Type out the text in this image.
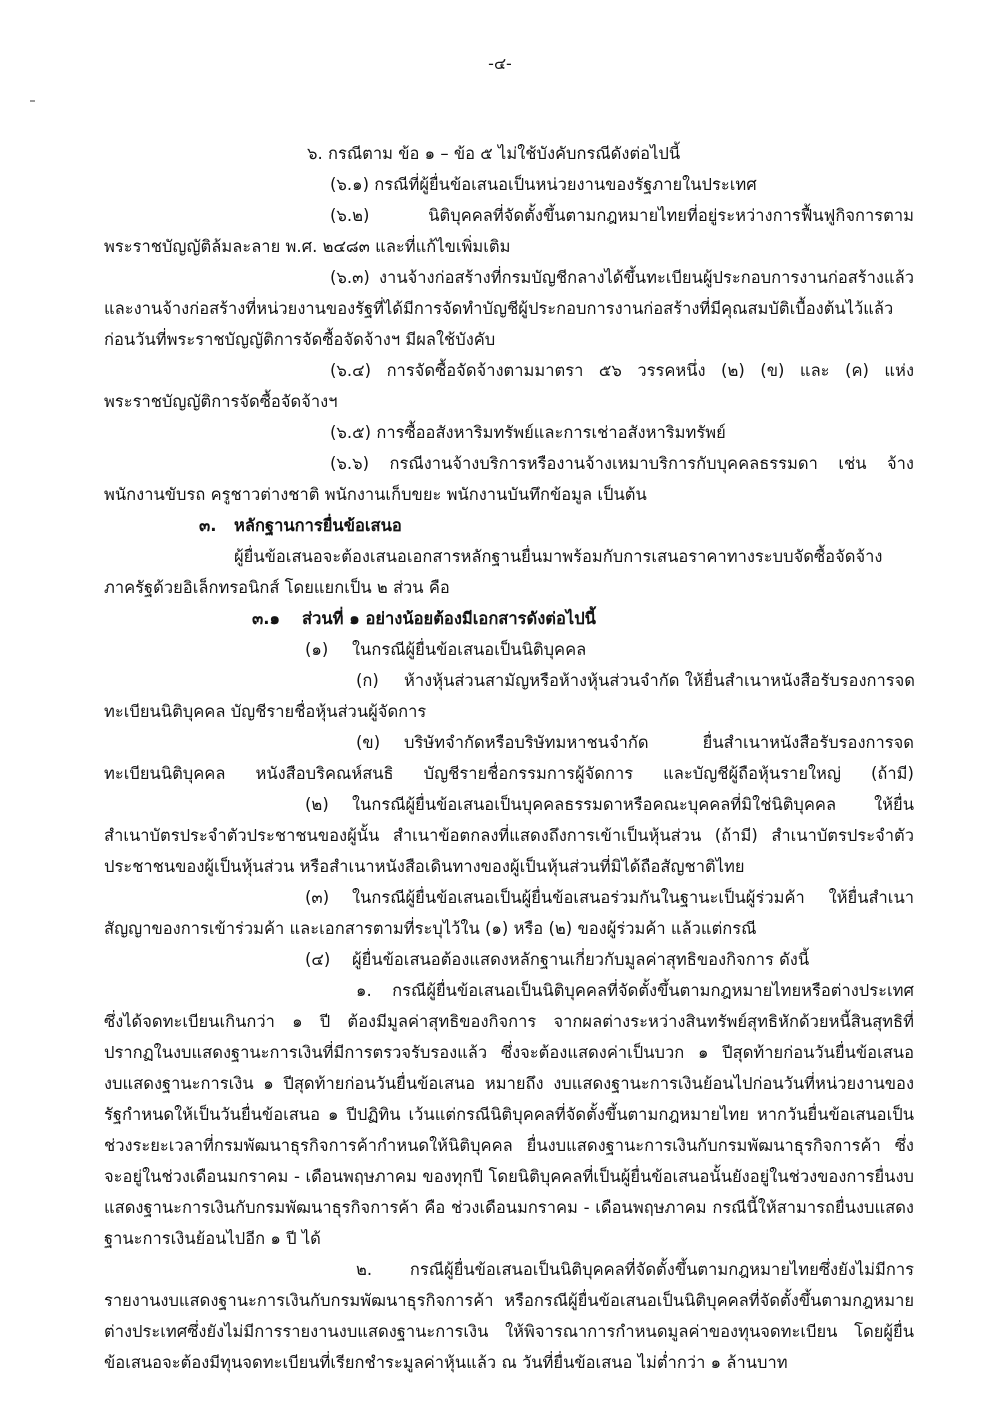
-๔-
๖. กรณีตาม ข้อ ๑ – ข้อ ๕ ไม่ใช้บังคับกรณีดังต่อไปนี้
(๖.๑) กรณีที่ผู้ยื่นข้อเสนอเป็นหน่วยงานของรัฐภายในประเทศ
(๖.๒) นิติบุคคลที่จัดตั้งขึ้นตามกฎหมายไทยที่อยู่ระหว่างการฟื้นฟูกิจการตาม
พระราชบัญญัติล้มละลาย พ.ศ. ๒๔๘๓ และที่แก้ไขเพิ่มเติม
(๖.๓) งานจ้างก่อสร้างที่กรมบัญชีกลางได้ขึ้นทะเบียนผู้ประกอบการงานก่อสร้างแล้ว
และงานจ้างก่อสร้างที่หน่วยงานของรัฐที่ได้มีการจัดทำบัญชีผู้ประกอบการงานก่อสร้างที่มีคุณสมบัติเบื้องต้นไว้แล้ว
ก่อนวันที่พระราชบัญญัติการจัดซื้อจัดจ้างฯ มีผลใช้บังคับ
(๖.๔) การจัดซื้อจัดจ้างตามมาตรา ๕๖ วรรคหนึ่ง (๒) (ข) และ (ค) แห่ง
พระราชบัญญัติการจัดซื้อจัดจ้างฯ
(๖.๕) การซื้ออสังหาริมทรัพย์และการเช่าอสังหาริมทรัพย์
(๖.๖) กรณีงานจ้างบริการหรืองานจ้างเหมาบริการกับบุคคลธรรมดา เช่น จ้าง
พนักงานขับรถ ครูชาวต่างชาติ พนักงานเก็บขยะ พนักงานบันทึกข้อมูล เป็นต้น
๓.	หลักฐานการยื่นข้อเสนอ
ผู้ยื่นข้อเสนอจะต้องเสนอเอกสารหลักฐานยื่นมาพร้อมกับการเสนอราคาทางระบบจัดซื้อจัดจ้าง
ภาครัฐด้วยอิเล็กทรอนิกส์ โดยแยกเป็น ๒ ส่วน คือ
๓.๑	ส่วนที่ ๑ อย่างน้อยต้องมีเอกสารดังต่อไปนี้
(๑)	ในกรณีผู้ยื่นข้อเสนอเป็นนิติบุคคล
(ก)	ห้างหุ้นส่วนสามัญหรือห้างหุ้นส่วนจำกัด ให้ยื่นสำเนาหนังสือรับรองการจด
ทะเบียนนิติบุคคล บัญชีรายชื่อหุ้นส่วนผู้จัดการ
(ข)	บริษัทจำกัดหรือบริษัทมหาชนจำกัด ยื่นสำเนาหนังสือรับรองการจด
ทะเบียนนิติบุคคล หนังสือบริคณห์สนธิ บัญชีรายชื่อกรรมการผู้จัดการ และบัญชีผู้ถือหุ้นรายใหญ่ (ถ้ามี)
(๒)	ในกรณีผู้ยื่นข้อเสนอเป็นบุคคลธรรมดาหรือคณะบุคคลที่มิใช่นิติบุคคล ให้ยื่น
สำเนาบัตรประจำตัวประชาชนของผู้นั้น สำเนาข้อตกลงที่แสดงถึงการเข้าเป็นหุ้นส่วน (ถ้ามี) สำเนาบัตรประจำตัว
ประชาชนของผู้เป็นหุ้นส่วน หรือสำเนาหนังสือเดินทางของผู้เป็นหุ้นส่วนที่มิได้ถือสัญชาติไทย
(๓)	ในกรณีผู้ยื่นข้อเสนอเป็นผู้ยื่นข้อเสนอร่วมกันในฐานะเป็นผู้ร่วมค้า ให้ยื่นสำเนา
สัญญาของการเข้าร่วมค้า และเอกสารตามที่ระบุไว้ใน (๑) หรือ (๒) ของผู้ร่วมค้า แล้วแต่กรณี
(๔)	ผู้ยื่นข้อเสนอต้องแสดงหลักฐานเกี่ยวกับมูลค่าสุทธิของกิจการ ดังนี้
๑. กรณีผู้ยื่นข้อเสนอเป็นนิติบุคคลที่จัดตั้งขึ้นตามกฎหมายไทยหรือต่างประเทศ
ซึ่งได้จดทะเบียนเกินกว่า ๑ ปี ต้องมีมูลค่าสุทธิของกิจการ จากผลต่างระหว่างสินทรัพย์สุทธิหักด้วยหนี้สินสุทธิที่
ปรากฏในงบแสดงฐานะการเงินที่มีการตรวจรับรองแล้ว ซึ่งจะต้องแสดงค่าเป็นบวก ๑ ปีสุดท้ายก่อนวันยื่นข้อเสนอ
งบแสดงฐานะการเงิน ๑ ปีสุดท้ายก่อนวันยื่นข้อเสนอ หมายถึง งบแสดงฐานะการเงินย้อนไปก่อนวันที่หน่วยงานของ
รัฐกำหนดให้เป็นวันยื่นข้อเสนอ ๑ ปีปฏิทิน เว้นแต่กรณีนิติบุคคลที่จัดตั้งขึ้นตามกฎหมายไทย หากวันยื่นข้อเสนอเป็น
ช่วงระยะเวลาที่กรมพัฒนาธุรกิจการค้ากำหนดให้นิติบุคคล ยื่นงบแสดงฐานะการเงินกับกรมพัฒนาธุรกิจการค้า ซึ่ง
จะอยู่ในช่วงเดือนมกราคม - เดือนพฤษภาคม ของทุกปี โดยนิติบุคคลที่เป็นผู้ยื่นข้อเสนอนั้นยังอยู่ในช่วงของการยื่นงบ
แสดงฐานะการเงินกับกรมพัฒนาธุรกิจการค้า คือ ช่วงเดือนมกราคม - เดือนพฤษภาคม กรณีนี้ให้สามารถยื่นงบแสดง
ฐานะการเงินย้อนไปอีก ๑ ปี ได้
๒. กรณีผู้ยื่นข้อเสนอเป็นนิติบุคคลที่จัดตั้งขึ้นตามกฎหมายไทยซึ่งยังไม่มีการ
รายงานงบแสดงฐานะการเงินกับกรมพัฒนาธุรกิจการค้า หรือกรณีผู้ยื่นข้อเสนอเป็นนิติบุคคลที่จัดตั้งขึ้นตามกฎหมาย
ต่างประเทศซึ่งยังไม่มีการรายงานงบแสดงฐานะการเงิน ให้พิจารณาการกำหนดมูลค่าของทุนจดทะเบียน โดยผู้ยื่น
ข้อเสนอจะต้องมีทุนจดทะเบียนที่เรียกชำระมูลค่าหุ้นแล้ว ณ วันที่ยื่นข้อเสนอ ไม่ต่ำกว่า ๑ ล้านบาท
